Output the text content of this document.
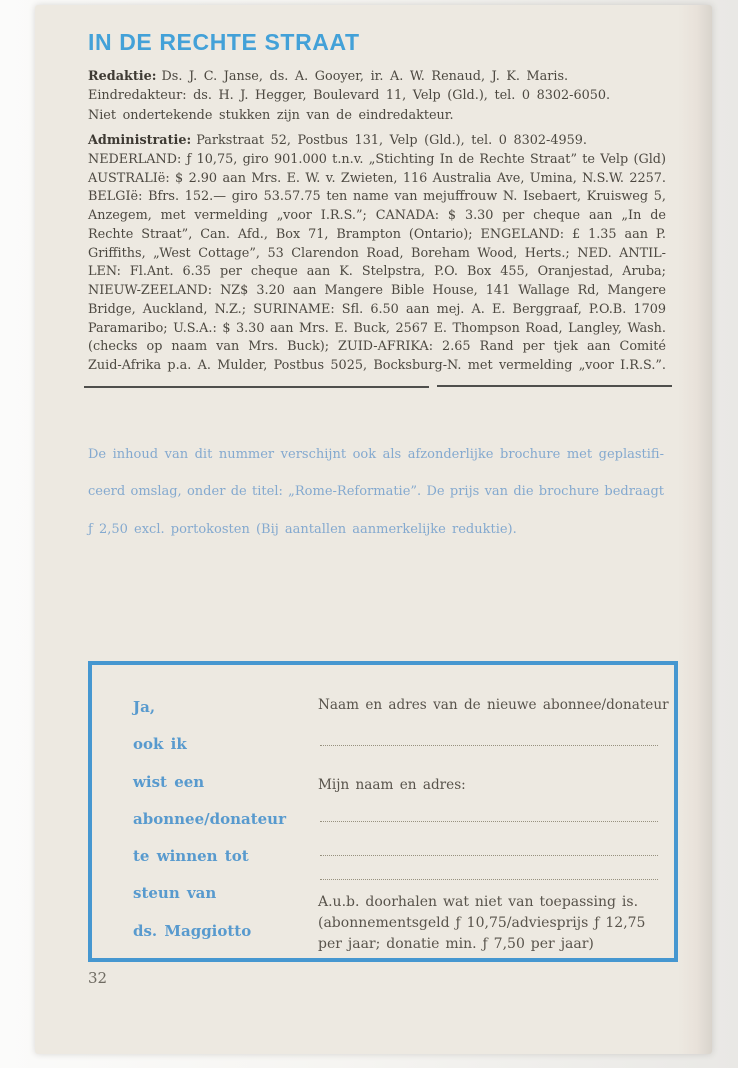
IN DE RECHTE STRAAT
Redaktie: Ds. J. C. Janse, ds. A. Gooyer, ir. A. W. Renaud, J. K. Maris.
Eindredakteur: ds. H. J. Hegger, Boulevard 11, Velp (Gld.), tel. 0 8302-6050.
Niet ondertekende stukken zijn van de eindredakteur.
Administratie: Parkstraat 52, Postbus 131, Velp (Gld.), tel. 0 8302-4959.
NEDERLAND: ƒ 10,75, giro 901.000 t.n.v. „Stichting In de Rechte Straat” te Velp (Gld)
AUSTRALIë: $ 2.90 aan Mrs. E. W. v. Zwieten, 116 Australia Ave, Umina, N.S.W. 2257.
BELGIë: Bfrs. 152.— giro 53.57.75 ten name van mejuffrouw N. Isebaert, Kruisweg 5,
Anzegem, met vermelding „voor I.R.S.”; CANADA: $ 3.30 per cheque aan „In de
Rechte Straat”, Can. Afd., Box 71, Brampton (Ontario); ENGELAND: £ 1.35 aan P.
Griffiths, „West Cottage”, 53 Clarendon Road, Boreham Wood, Herts.; NED. ANTIL-
LEN: Fl.Ant. 6.35 per cheque aan K. Stelpstra, P.O. Box 455, Oranjestad, Aruba;
NIEUW-ZEELAND: NZ$ 3.20 aan Mangere Bible House, 141 Wallage Rd, Mangere
Bridge, Auckland, N.Z.; SURINAME: Sfl. 6.50 aan mej. A. E. Berggraaf, P.O.B. 1709
Paramaribo; U.S.A.: $ 3.30 aan Mrs. E. Buck, 2567 E. Thompson Road, Langley, Wash.
(checks op naam van Mrs. Buck); ZUID-AFRIKA: 2.65 Rand per tjek aan Comité
Zuid-Afrika p.a. A. Mulder, Postbus 5025, Bocksburg-N. met vermelding „voor I.R.S.”.
De inhoud van dit nummer verschijnt ook als afzonderlijke brochure met geplastifi-
ceerd omslag, onder de titel: „Rome-Reformatie”. De prijs van die brochure bedraagt
ƒ 2,50 excl. portokosten (Bij aantallen aanmerkelijke reduktie).
Ja,
ook ik
wist een
abonnee/donateur
te winnen tot
steun van
ds. Maggiotto
Naam en adres van de nieuwe abonnee/donateur
Mijn naam en adres:
A.u.b. doorhalen wat niet van toepassing is.
(abonnementsgeld ƒ 10,75/adviesprijs ƒ 12,75
per jaar; donatie min. ƒ 7,50 per jaar)
32
